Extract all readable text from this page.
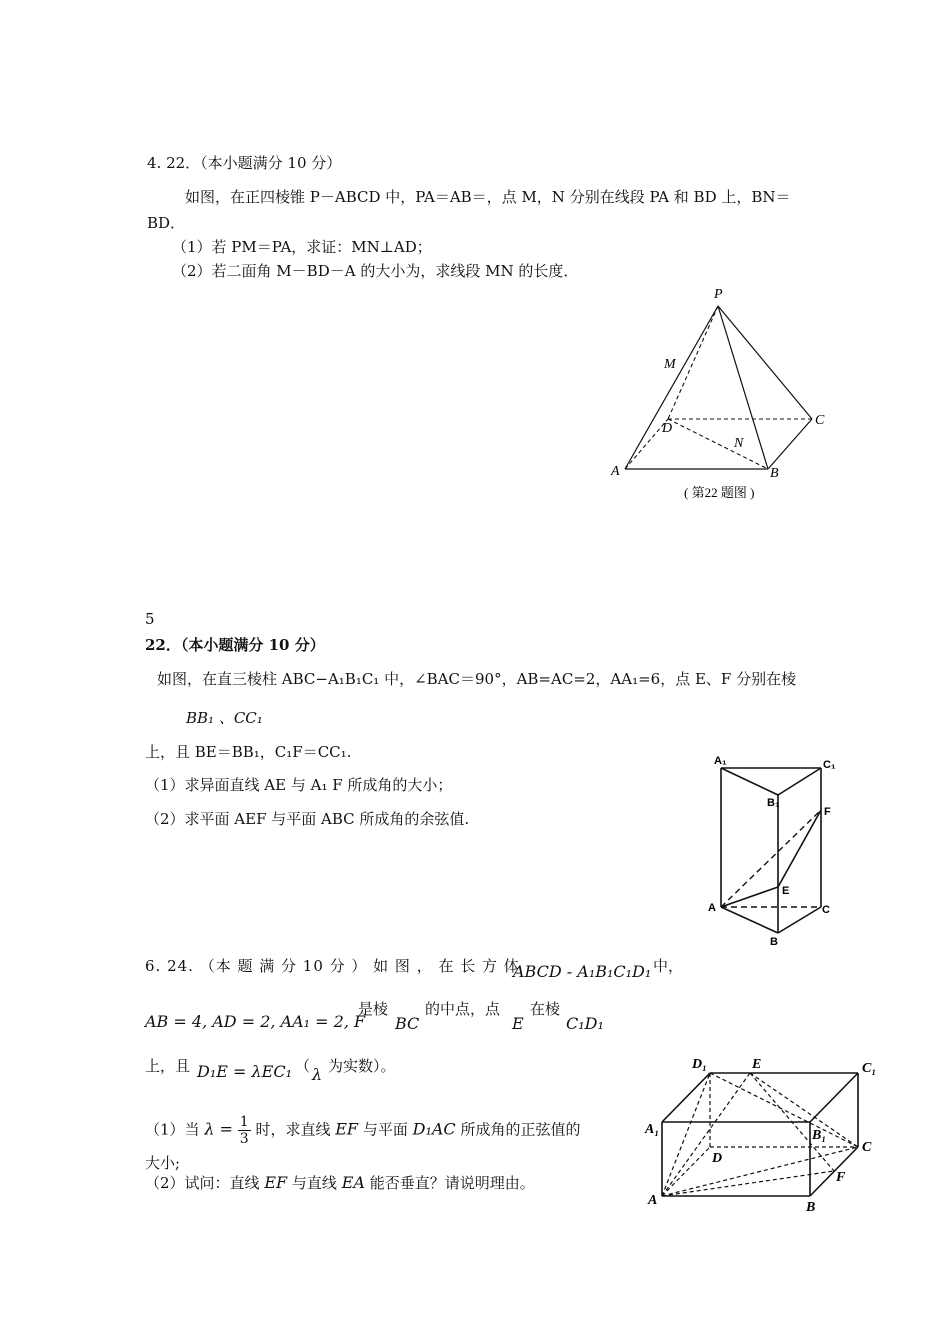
4. 22．（本小题满分 10 分）
如图，在正四棱锥 P－ABCD 中，PA＝AB＝，点 M，N 分别在线段 PA 和 BD 上，BN＝
BD．
（1）若 PM＝PA，求证：MN⊥AD；
（2）若二面角 M－BD－A 的大小为，求线段 MN 的长度．
P
M
D
C
N
A	B
( 第22 题图 )
5
22．（本小题满分 10 分）
如图，在直三棱柱 ABC−A₁B₁C₁ 中，∠BAC＝90°，AB=AC=2，AA₁=6，点 E、F 分别在棱
BB₁ 、CC₁
上，且 BE＝BB₁，C₁F＝CC₁.
（1）求异面直线 AE 与 A₁ F 所成角的大小；
（2）求平面 AEF 与平面 ABC 所成角的余弦值.
A₁	C₁
B₁
F
E
A	C
B
6. 24. （本 题 满 分 10 分 ） 如 图 ， 在 长 方 体
ABCD - A₁B₁C₁D₁ 中，
AB = 4, AD = 2, AA₁ = 2, F
是棱
BC
的中点，点
E
在棱
C₁D₁
上，且 D₁E = λEC₁ （ λ 为实数）。
（1）当 $\lambda = \frac{1}{3}$ 时，求直线 EF 与平面 D₁AC 所成角的正弦值的
大小;
（2）试问：直线 EF 与直线 EA 能否垂直？请说明理由。
D₁	E	C₁
A₁	B₁
C
D
F
A	B
